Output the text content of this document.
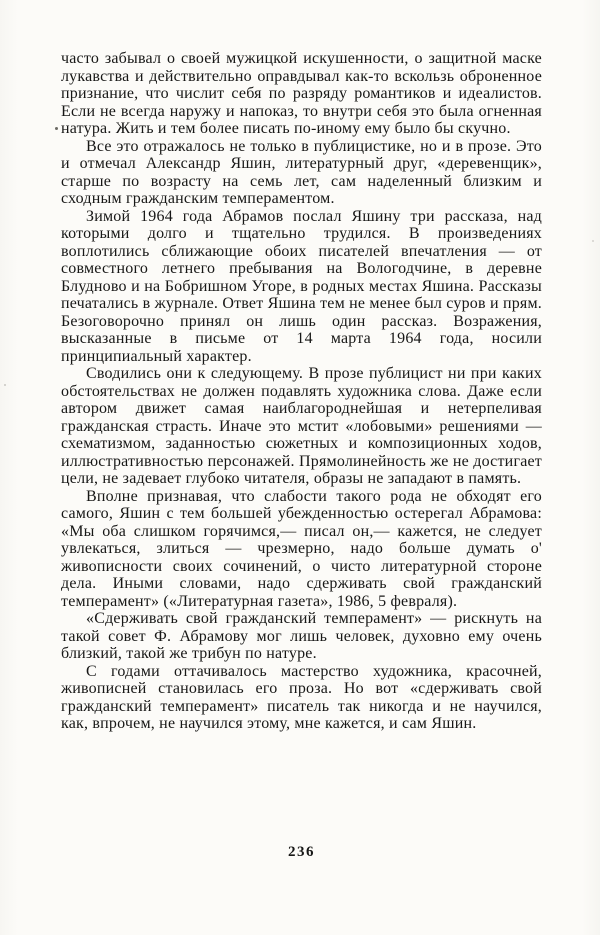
часто забывал о своей мужицкой искушенности, о защитной маске лукавства и действительно оправдывал как-то вскользь оброненное признание, что числит себя по разряду романтиков и идеалистов. Если не всегда наружу и напоказ, то внутри себя это была огненная натура. Жить и тем более писать по-иному ему было бы скучно.

Все это отражалось не только в публицистике, но и в прозе. Это и отмечал Александр Яшин, литературный друг, «деревенщик», старше по возрасту на семь лет, сам наделенный близким и сходным гражданским темпераментом.

Зимой 1964 года Абрамов послал Яшину три рассказа, над которыми долго и тщательно трудился. В произведениях воплотились сближающие обоих писателей впечатления — от совместного летнего пребывания на Вологодчине, в деревне Блудново и на Бобришном Угоре, в родных местах Яшина. Рассказы печатались в журнале. Ответ Яшина тем не менее был суров и прям. Безоговорочно принял он лишь один рассказ. Возражения, высказанные в письме от 14 марта 1964 года, носили принципиальный характер.

Сводились они к следующему. В прозе публицист ни при каких обстоятельствах не должен подавлять художника слова. Даже если автором движет самая наиблагороднейшая и нетерпеливая гражданская страсть. Иначе это мстит «лобовыми» решениями — схематизмом, заданностью сюжетных и композиционных ходов, иллюстративностью персонажей. Прямолинейность же не достигает цели, не задевает глубоко читателя, образы не западают в память.

Вполне признавая, что слабости такого рода не обходят его самого, Яшин с тем большей убежденностью остерегал Абрамова: «Мы оба слишком горячимся,— писал он,— кажется, не следует увлекаться, злиться — чрезмерно, надо больше думать о' живописности своих сочинений, о чисто литературной стороне дела. Иными словами, надо сдерживать свой гражданский темперамент» («Литературная газета», 1986, 5 февраля).

«Сдерживать свой гражданский темперамент» — рискнуть на такой совет Ф. Абрамову мог лишь человек, духовно ему очень близкий, такой же трибун по натуре.

С годами оттачивалось мастерство художника, красочней, живописней становилась его проза. Но вот «сдерживать свой гражданский темперамент» писатель так никогда и не научился, как, впрочем, не научился этому, мне кажется, и сам Яшин.

236
